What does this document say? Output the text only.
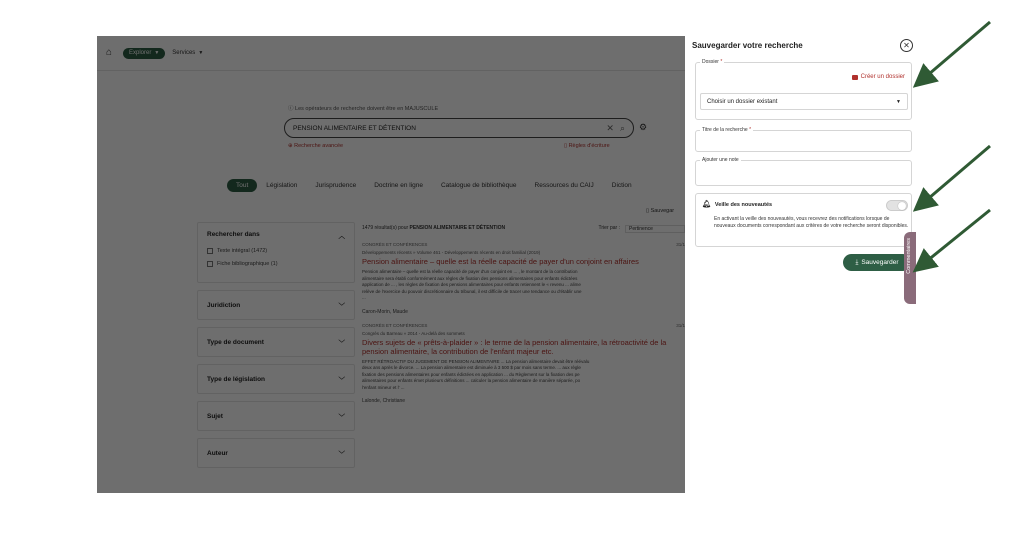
Sauvegarder votre recherche	✕
Dossier *
Créer un dossier
Choisir un dossier existant	▼
Titre de la recherche *
Ajouter une note
🔔︎ Veille des nouveautés
En activant la veille des nouveautés, vous recevrez des notifications lorsque de nouveaux documents correspondant aux critères de votre recherche seront disponibles.
⤓ Sauvegarder Commentaires
